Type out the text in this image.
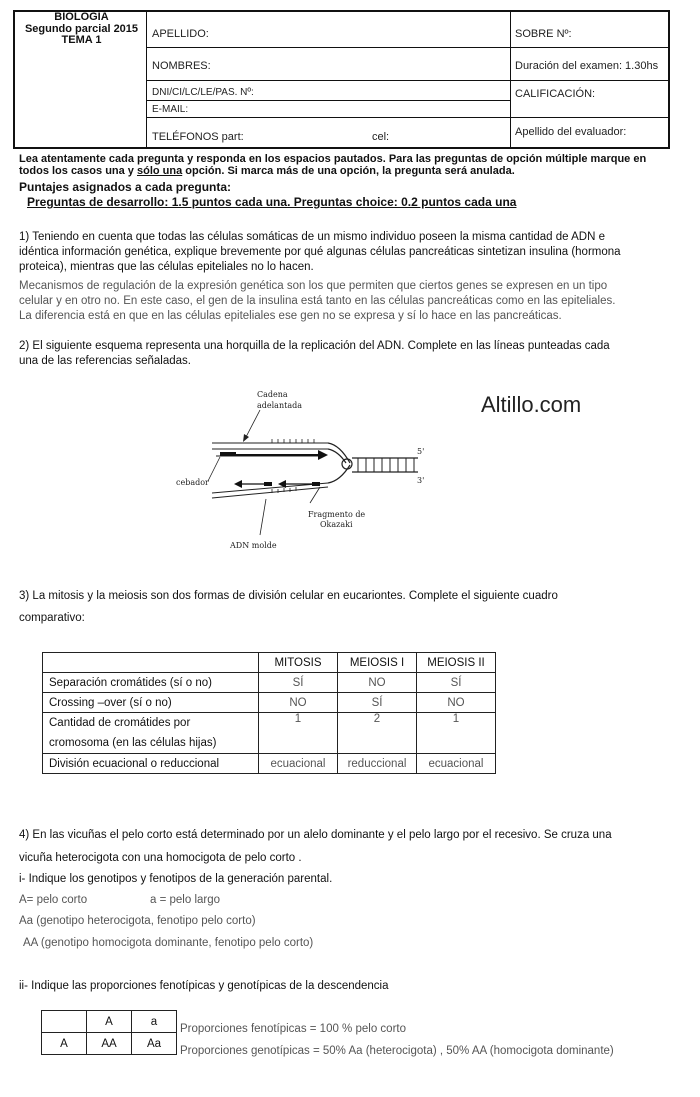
BIOLOGIA
Segundo parcial 2015
TEMA 1	APELLIDO:
NOMBRES:
DNI/CI/LC/LE/PAS. Nº:
E-MAIL:
TELÉFONOS part:	cel:
SOBRE Nº:
Duración del examen: 1.30hs
CALIFICACIÓN:
Apellido del evaluador:
Lea atentamente cada pregunta y responda en los espacios pautados. Para las preguntas de opción múltiple marque en
todos los casos una y sólo una opción. Si marca más de una opción, la pregunta será anulada.
Puntajes asignados a cada pregunta:
Preguntas de desarrollo: 1.5 puntos cada una. Preguntas choice: 0.2 puntos cada una
1) Teniendo en cuenta que todas las células somáticas de un mismo individuo poseen la misma cantidad de ADN e
idéntica información genética, explique brevemente por qué algunas células pancreáticas sintetizan insulina (hormona
proteica), mientras que las células epiteliales no lo hacen.
Mecanismos de regulación de la expresión genética son los que permiten que ciertos genes se expresen en un tipo
celular y en otro no. En este caso, el gen de la insulina está tanto en las células pancreáticas como en las epiteliales.
La diferencia está en que en las células epiteliales ese gen no se expresa y sí lo hace en las pancreáticas.
2) El siguiente esquema representa una horquilla de la replicación del ADN. Complete en las líneas punteadas cada
una de las referencias señaladas.
Altillo.com
Cadena
adelantada
cebador
Fragmento de
Okazaki
ADN molde
5'
3'
3) La mitosis y la meiosis son dos formas de división celular en eucariontes. Complete el siguiente cuadro
comparativo:
	MITOSIS	MEIOSIS I	MEIOSIS II
Separación cromátides (sí o no)	SÍ	NO	SÍ
Crossing –over (sí o no)	NO	SÍ	NO

Cantidad de cromátides por
cromosoma (en las células hijas)	1	2	1
División ecuacional o reduccional	ecuacional	reduccional	ecuacional
4) En las vicuñas el pelo corto está determinado por un alelo dominante y el pelo largo por el recesivo. Se cruza una
vicuña heterocigota con una homocigota de pelo corto .
i- Indique los genotipos y fenotipos de la generación parental.
A= pelo corto	a = pelo largo
Aa (genotipo heterocigota, fenotipo pelo corto)
AA (genotipo homocigota dominante, fenotipo pelo corto)
ii- Indique las proporciones fenotípicas y genotípicas de la descendencia
	A	a
A	AA	Aa
Proporciones fenotípicas = 100 % pelo corto
Proporciones genotípicas = 50% Aa (heterocigota) , 50% AA (homocigota dominante)
